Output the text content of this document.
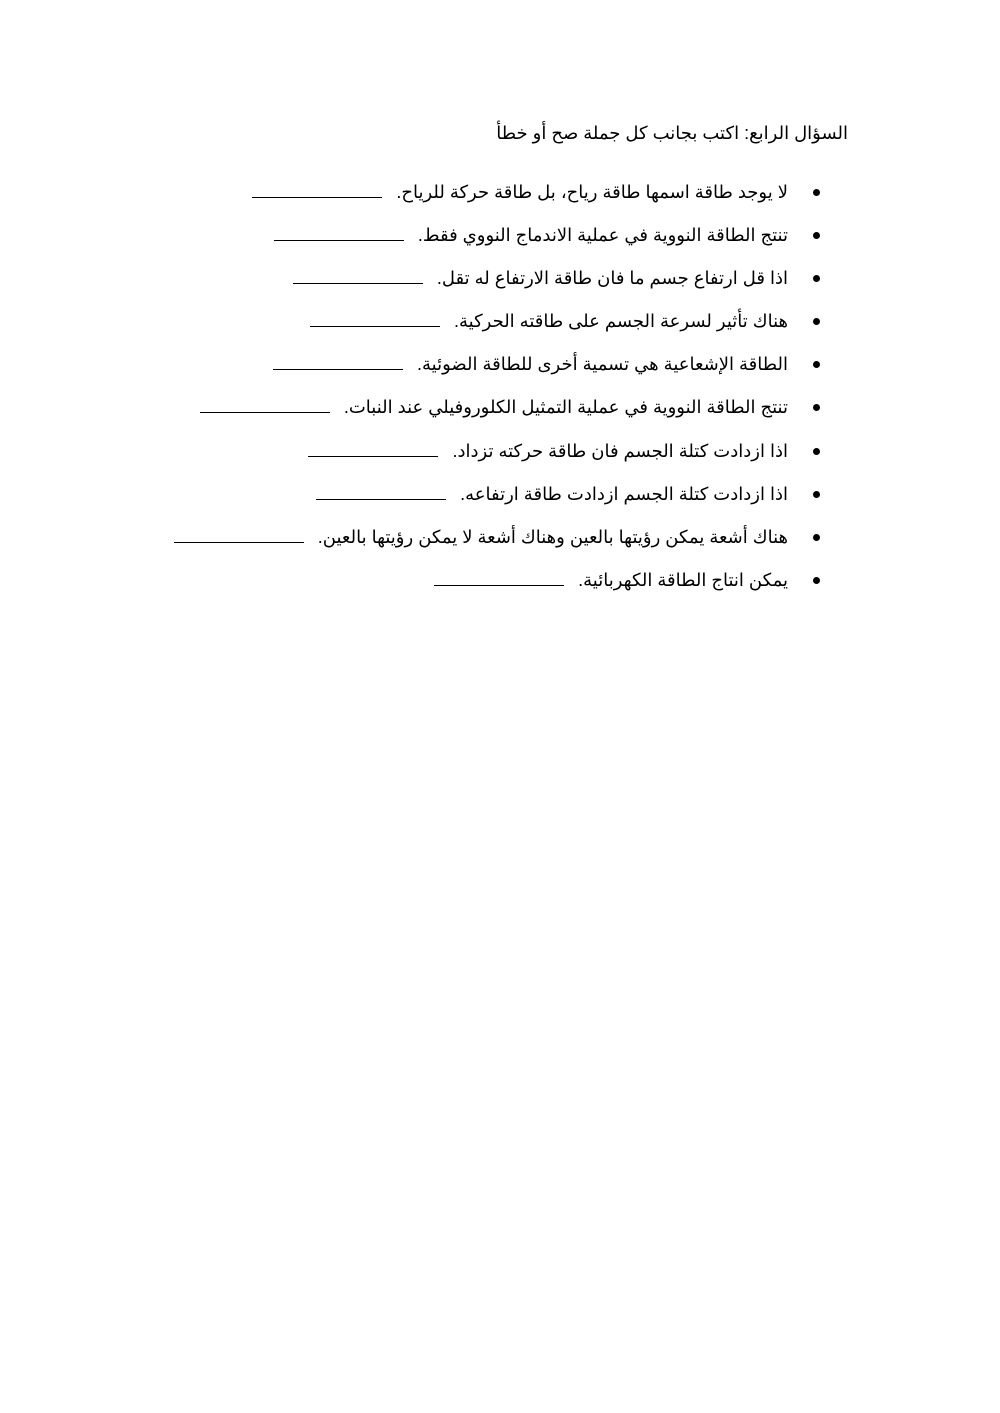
السؤال الرابع: اكتب بجانب كل جملة صح أو خطأ
لا يوجد طاقة اسمها طاقة رياح، بل طاقة حركة للرياح.
تنتج الطاقة النووية في عملية الاندماج النووي فقط.
اذا قل ارتفاع جسم ما فان طاقة الارتفاع له تقل.
هناك تأثير لسرعة الجسم على طاقته الحركية.
الطاقة الإشعاعية هي تسمية أخرى للطاقة الضوئية.
تنتج الطاقة النووية في عملية التمثيل الكلوروفيلي عند النبات.
اذا ازدادت كتلة الجسم فان طاقة حركته تزداد.
اذا ازدادت كتلة الجسم ازدادت طاقة ارتفاعه.
هناك أشعة يمكن رؤيتها بالعين وهناك أشعة لا يمكن رؤيتها بالعين.
يمكن انتاج الطاقة الكهربائية.
